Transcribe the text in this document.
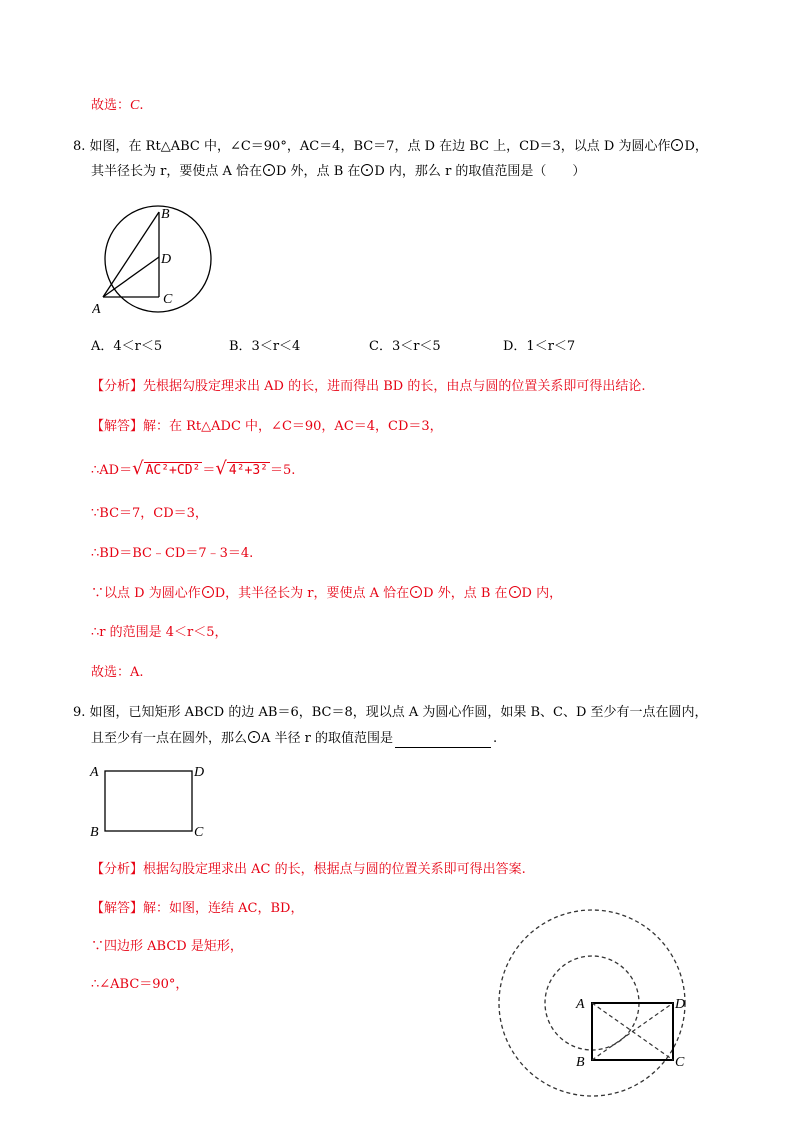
故选：C.
8. 如图，在 Rt△ABC 中，∠C＝90°，AC＝4，BC＝7，点 D 在边 BC 上，CD＝3，以点 D 为圆心作 D，
其半径长为 r，要使点 A 恰在 D 外，点 B 在 D 内，那么 r 的取值范围是（　　）
B
D
C
A
A．4＜r＜5	B．3＜r＜4	C．3＜r＜5	D．1＜r＜7
【分析】先根据勾股定理求出 AD 的长，进而得出 BD 的长，由点与圆的位置关系即可得出结论.
【解答】解：在 Rt△ADC 中，∠C＝90，AC＝4，CD＝3，
∴AD＝√ AC²+CD² ＝√ 4²+3² ＝5.
∵BC＝7，CD＝3，
∴BD＝BC﹣CD＝7﹣3＝4.
∵以点 D 为圆心作 D，其半径长为 r，要使点 A 恰在 D 外，点 B 在 D 内，
∴r 的范围是 4＜r＜5，
故选：A.
9. 如图，已知矩形 ABCD 的边 AB＝6，BC＝8，现以点 A 为圆心作圆，如果 B、C、D 至少有一点在圆内，
且至少有一点在圆外，那么 A 半径 r 的取值范围是	.
A	D
B	C
【分析】根据勾股定理求出 AC 的长，根据点与圆的位置关系即可得出答案.
【解答】解：如图，连结 AC，BD，
∵四边形 ABCD 是矩形，
∴∠ABC＝90°，
A	D
B	C
